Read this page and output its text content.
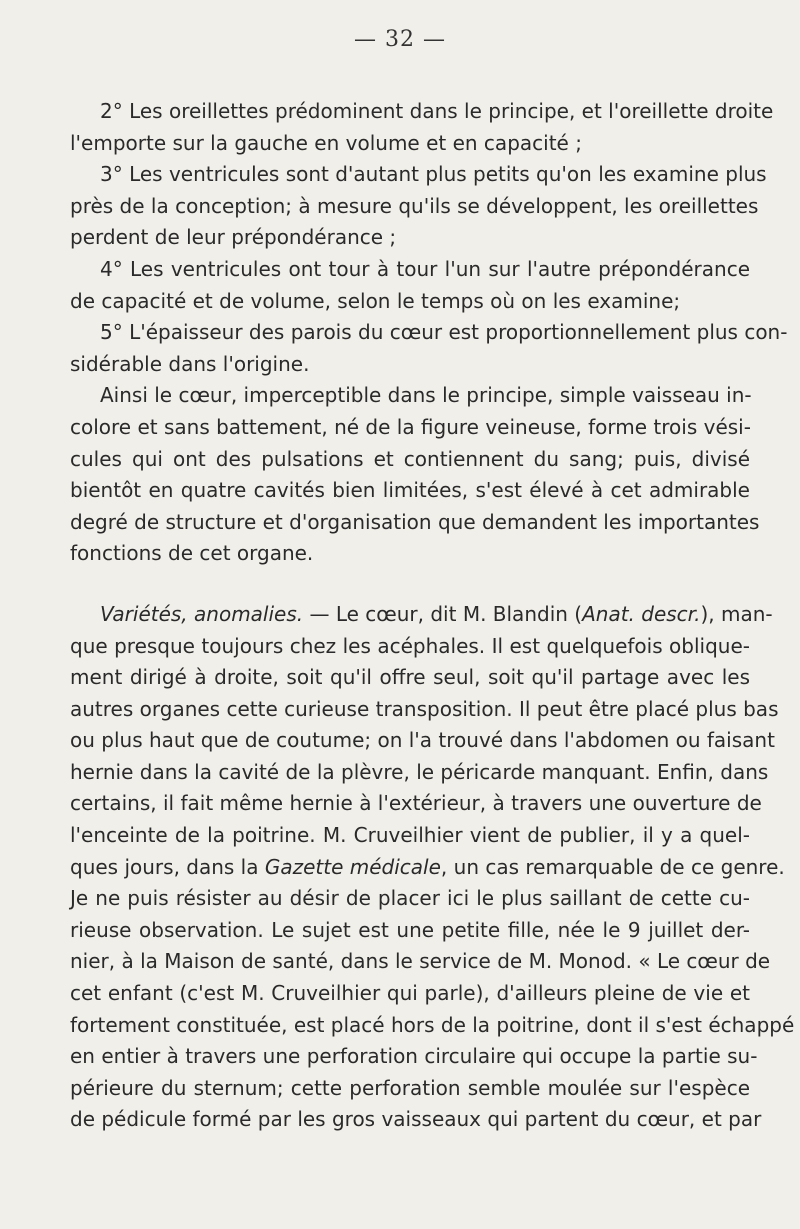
— 32 —
2° Les oreillettes prédominent dans le principe, et l'oreillette droite
l'emporte sur la gauche en volume et en capacité ;
3° Les ventricules sont d'autant plus petits qu'on les examine plus
près de la conception; à mesure qu'ils se développent, les oreillettes
perdent de leur prépondérance ;
4° Les ventricules ont tour à tour l'un sur l'autre prépondérance
de capacité et de volume, selon le temps où on les examine;
5° L'épaisseur des parois du cœur est proportionnellement plus con-
sidérable dans l'origine.
Ainsi le cœur, imperceptible dans le principe, simple vaisseau in-
colore et sans battement, né de la figure veineuse, forme trois vési-
cules qui ont des pulsations et contiennent du sang; puis, divisé
bientôt en quatre cavités bien limitées, s'est élevé à cet admirable
degré de structure et d'organisation que demandent les importantes
fonctions de cet organe.
Variétés, anomalies. — Le cœur, dit M. Blandin (Anat. descr.), man-
que presque toujours chez les acéphales. Il est quelquefois oblique-
ment dirigé à droite, soit qu'il offre seul, soit qu'il partage avec les
autres organes cette curieuse transposition. Il peut être placé plus bas
ou plus haut que de coutume; on l'a trouvé dans l'abdomen ou faisant
hernie dans la cavité de la plèvre, le péricarde manquant. Enfin, dans
certains, il fait même hernie à l'extérieur, à travers une ouverture de
l'enceinte de la poitrine. M. Cruveilhier vient de publier, il y a quel-
ques jours, dans la Gazette médicale, un cas remarquable de ce genre.
Je ne puis résister au désir de placer ici le plus saillant de cette cu-
rieuse observation. Le sujet est une petite fille, née le 9 juillet der-
nier, à la Maison de santé, dans le service de M. Monod. « Le cœur de
cet enfant (c'est M. Cruveilhier qui parle), d'ailleurs pleine de vie et
fortement constituée, est placé hors de la poitrine, dont il s'est échappé
en entier à travers une perforation circulaire qui occupe la partie su-
périeure du sternum; cette perforation semble moulée sur l'espèce
de pédicule formé par les gros vaisseaux qui partent du cœur, et par
